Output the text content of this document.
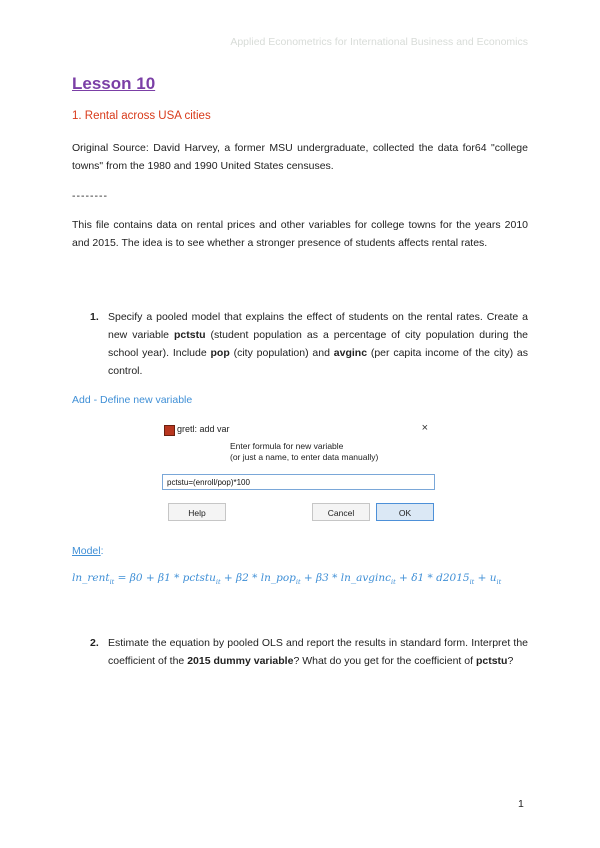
Applied Econometrics for International Business and Economics
Lesson 10
1. Rental across USA cities
Original Source: David Harvey, a former MSU undergraduate, collected the data for64 "college towns" from the 1980 and 1990 United States censuses.
--------
This file contains data on rental prices and other variables for college towns for the years 2010 and 2015. The idea is to see whether a stronger presence of students affects rental rates.
1. Specify a pooled model that explains the effect of students on the rental rates. Create a new variable pctstu (student population as a percentage of city population during the school year). Include pop (city population) and avginc (per capita income of the city) as control.
Add - Define new variable
gretl: add var	×
Enter formula for new variable
(or just a name, to enter data manually)
pctstu=(enroll/pop)*100
Help	Cancel	OK
Model:
ln_rent$_{it}$ = β0 + β1 * pctstu$_{it}$ + β2 * ln_pop$_{it}$ + β3 * ln_avginc$_{it}$ + $\delta 1 * d2015_{it} + u_{it}$
2. Estimate the equation by pooled OLS and report the results in standard form. Interpret the coefficient of the 2015 dummy variable? What do you get for the coefficient of pctstu?
1
